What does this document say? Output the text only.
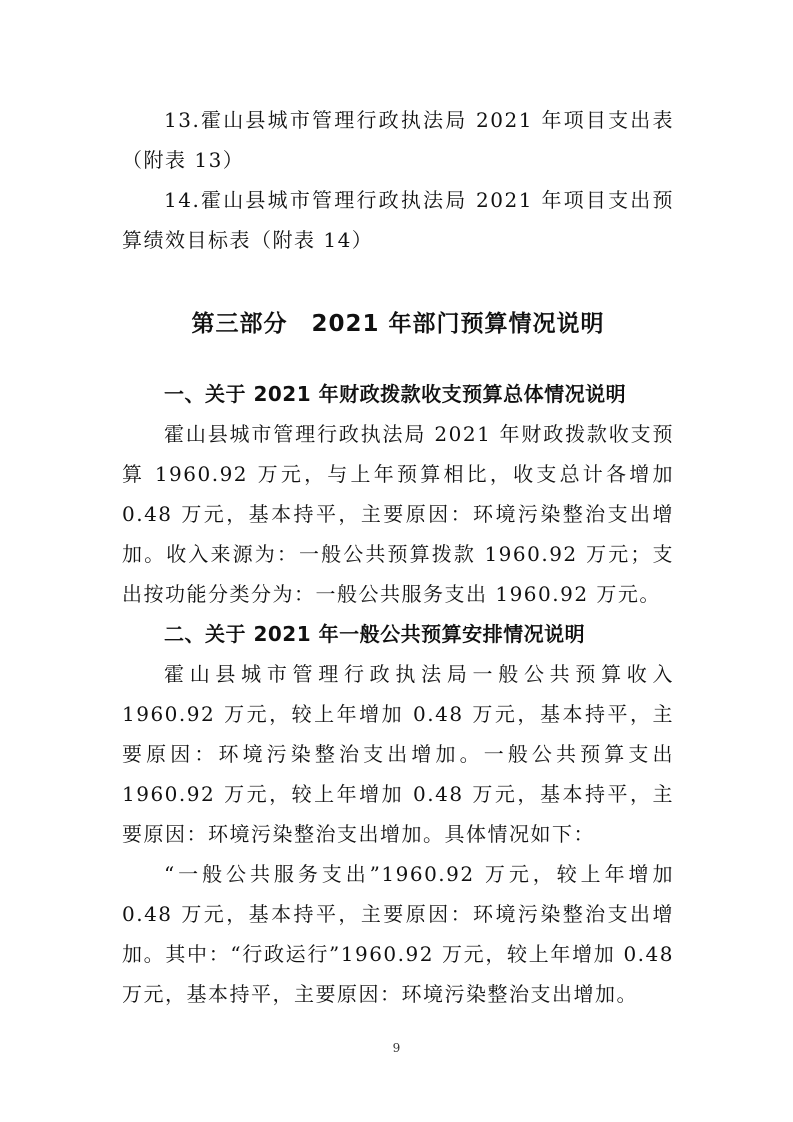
13.霍山县城市管理行政执法局 2021 年项目支出表（附表 13）

14.霍山县城市管理行政执法局 2021 年项目支出预算绩效目标表（附表 14）

第三部分　2021 年部门预算情况说明
一、关于 2021 年财政拨款收支预算总体情况说明

霍山县城市管理行政执法局 2021 年财政拨款收支预算 1960.92 万元，与上年预算相比，收支总计各增加 0.48 万元，基本持平，主要原因：环境污染整治支出增加。收入来源为：一般公共预算拨款 1960.92 万元；支出按功能分类分为：一般公共服务支出 1960.92 万元。

二、关于 2021 年一般公共预算安排情况说明

霍山县城市管理行政执法局一般公共预算收入 1960.92 万元，较上年增加 0.48 万元，基本持平，主要原因：环境污染整治支出增加。一般公共预算支出 1960.92 万元，较上年增加 0.48 万元，基本持平，主要原因：环境污染整治支出增加。具体情况如下：

“一般公共服务支出”1960.92 万元，较上年增加 0.48 万元，基本持平，主要原因：环境污染整治支出增加。其中：“行政运行”1960.92 万元，较上年增加 0.48 万元，基本持平，主要原因：环境污染整治支出增加。

9
